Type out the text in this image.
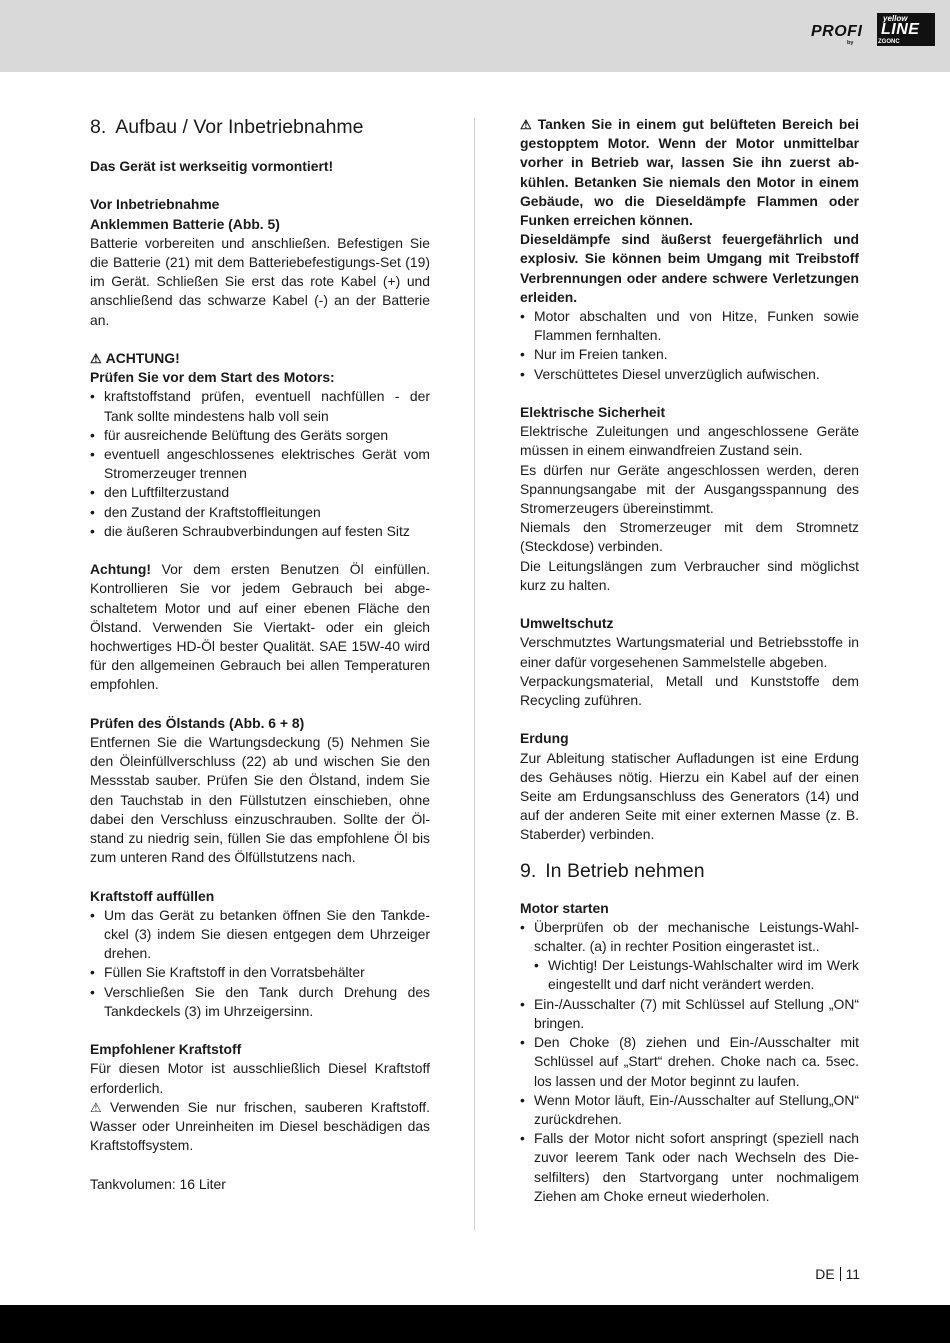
PROFI
yellow
LINE
by	ZGONC
8. Aufbau / Vor Inbetriebnahme

Das Gerät ist werkseitig vormontiert!

Vor Inbetriebnahme

Anklemmen Batterie (Abb. 5)

Batterie vorbereiten und anschließen. Befestigen Sie die Batterie (21) mit dem Batteriebefestigungs-Set (19) im Gerät. Schließen Sie erst das rote Kabel (+) und anschließend das schwarze Kabel (-) an der Batterie an.

⚠ ACHTUNG!

Prüfen Sie vor dem Start des Motors:

• kraftstoffstand prüfen, eventuell nachfüllen - der Tank sollte mindestens halb voll sein
• für ausreichende Belüftung des Geräts sorgen
• eventuell angeschlossenes elektrisches Gerät vom Stromerzeuger trennen
• den Luftfilterzustand
• den Zustand der Kraftstoffleitungen
• die äußeren Schraubverbindungen auf festen Sitz

Achtung! Vor dem ersten Benutzen Öl einfüllen. Kontrollieren Sie vor jedem Gebrauch bei abgeschaltetem Motor und auf einer ebenen Fläche den Ölstand. Verwenden Sie Viertakt- oder ein gleich hochwertiges HD-Öl bester Qualität. SAE 15W-40 wird für den allgemeinen Gebrauch bei allen Temperaturen empfohlen.

Prüfen des Ölstands (Abb. 6 + 8)

Entfernen Sie die Wartungsdeckung (5) Nehmen Sie den Öleinfüllverschluss (22) ab und wischen Sie den Messstab sauber. Prüfen Sie den Ölstand, indem Sie den Tauchstab in den Füllstutzen einschieben, ohne dabei den Verschluss einzuschrauben. Sollte der Ölstand zu niedrig sein, füllen Sie das empfohlene Öl bis zum unteren Rand des Ölfüllstutzens nach.

Kraftstoff auffüllen

• Um das Gerät zu betanken öffnen Sie den Tankdeckel (3) indem Sie diesen entgegen dem Uhrzeiger drehen.
• Füllen Sie Kraftstoff in den Vorratsbehälter
• Verschließen Sie den Tank durch Drehung des Tankdeckels (3) im Uhrzeigersinn.

Empfohlener Kraftstoff

Für diesen Motor ist ausschließlich Diesel Kraftstoff erforderlich.

⚠ Verwenden Sie nur frischen, sauberen Kraftstoff. Wasser oder Unreinheiten im Diesel beschädigen das Kraftstoffsystem.

Tankvolumen: 16 Liter

⚠ Tanken Sie in einem gut belüfteten Bereich bei gestopptem Motor. Wenn der Motor unmittelbar vorher in Betrieb war, lassen Sie ihn zuerst abkühlen. Betanken Sie niemals den Motor in einem Gebäude, wo die Dieseldämpfe Flammen oder Funken erreichen können.

Dieseldämpfe sind äußerst feuergefährlich und explosiv. Sie können beim Umgang mit Treibstoff Verbrennungen oder andere schwere Verletzungen erleiden.

• Motor abschalten und von Hitze, Funken sowie Flammen fernhalten.
• Nur im Freien tanken.
• Verschüttetes Diesel unverzüglich aufwischen.

Elektrische Sicherheit

Elektrische Zuleitungen und angeschlossene Geräte müssen in einem einwandfreien Zustand sein.

Es dürfen nur Geräte angeschlossen werden, deren Spannungsangabe mit der Ausgangsspannung des Stromerzeugers übereinstimmt.

Niemals den Stromerzeuger mit dem Stromnetz (Steckdose) verbinden.

Die Leitungslängen zum Verbraucher sind möglichst kurz zu halten.

Umweltschutz

Verschmutztes Wartungsmaterial und Betriebsstoffe in einer dafür vorgesehenen Sammelstelle abgeben.

Verpackungsmaterial, Metall und Kunststoffe dem Recycling zuführen.

Erdung

Zur Ableitung statischer Aufladungen ist eine Erdung des Gehäuses nötig. Hierzu ein Kabel auf der einen Seite am Erdungsanschluss des Generators (14) und auf der anderen Seite mit einer externen Masse (z. B. Staberder) verbinden.

9. In Betrieb nehmen

Motor starten

• Überprüfen ob der mechanische Leistungs-Wahlschalter. (a) in rechter Position eingerastet ist..
• Wichtig! Der Leistungs-Wahlschalter wird im Werk eingestellt und darf nicht verändert werden.
• Ein-/Ausschalter (7) mit Schlüssel auf Stellung „ON“ bringen.
• Den Choke (8) ziehen und Ein-/Ausschalter mit Schlüssel auf „Start“ drehen. Choke nach ca. 5sec. los lassen und der Motor beginnt zu laufen.
• Wenn Motor läuft, Ein-/Ausschalter auf Stellung„ON“ zurückdrehen.
• Falls der Motor nicht sofort anspringt (speziell nach zuvor leerem Tank oder nach Wechseln des Dieselfilters) den Startvorgang unter nochmaligem Ziehen am Choke erneut wiederholen.
DE 11
